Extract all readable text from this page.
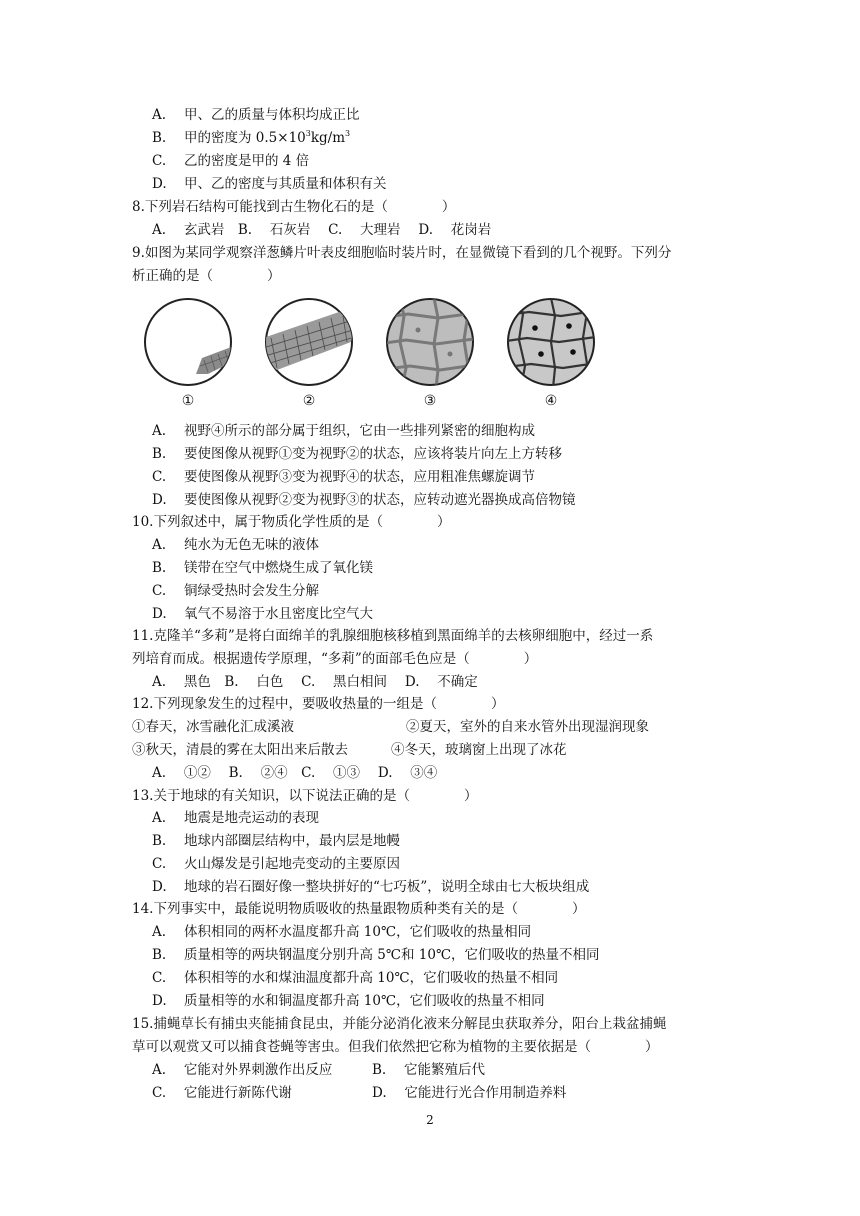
A. 甲、乙的质量与体积均成正比
B. 甲的密度为 $0.5\times 10^3kg/m^3$
C. 乙的密度是甲的 4 倍
D. 甲、乙的密度与其质量和体积有关
8.下列岩石结构可能找到古生物化石的是（　　　　）
A.　 玄武岩　B.　 石灰岩　 C.　 大理岩　 D.　 花岗岩
9.如图为某同学观察洋葱鳞片叶表皮细胞临时装片时，在显微镜下看到的几个视野。下列分
析正确的是（　　　　）
①	②	③	④
A. 视野④所示的部分属于组织，它由一些排列紧密的细胞构成
B. 要使图像从视野①变为视野②的状态，应该将装片向左上方转移
C. 要使图像从视野③变为视野④的状态，应用粗准焦螺旋调节
D. 要使图像从视野②变为视野③的状态，应转动遮光器换成高倍物镜
10.下列叙述中，属于物质化学性质的是（　　　　）
A. 纯水为无色无味的液体
B. 镁带在空气中燃烧生成了氧化镁
C. 铜绿受热时会发生分解
D. 氧气不易溶于水且密度比空气大
11.克隆羊“多莉”是将白面绵羊的乳腺细胞核移植到黑面绵羊的去核卵细胞中，经过一系
列培育而成。根据遗传学原理，“多莉”的面部毛色应是（　　　　）
A.　 黑色　B.　 白色　 C.　 黑白相间　 D.　 不确定
12.下列现象发生的过程中，要吸收热量的一组是（　　　　）
①春天，冰雪融化汇成溪液	②夏天，室外的自来水管外出现湿润现象
③秋天，清晨的雾在太阳出来后散去	④冬天，玻璃窗上出现了冰花
A.　 ①②　 B.　 ②④　C.　 ①③　 D.　 ③④
13.关于地球的有关知识，以下说法正确的是（　　　　）
A. 地震是地壳运动的表现
B. 地球内部圈层结构中，最内层是地幔
C. 火山爆发是引起地壳变动的主要原因
D. 地球的岩石圈好像一整块拼好的“七巧板”，说明全球由七大板块组成
14.下列事实中，最能说明物质吸收的热量跟物质种类有关的是（　　　　）
A. 体积相同的两杯水温度都升高 10℃，它们吸收的热量相同
B. 质量相等的两块钢温度分别升高 5℃和 10℃，它们吸收的热量不相同
C. 体积相等的水和煤油温度都升高 10℃，它们吸收的热量不相同
D. 质量相等的水和铜温度都升高 10℃，它们吸收的热量不相同
15.捕蝇草长有捕虫夹能捕食昆虫，并能分泌消化液来分解昆虫获取养分，阳台上栽盆捕蝇
草可以观赏又可以捕食苍蝇等害虫。但我们依然把它称为植物的主要依据是（　　　　）
A.　 它能对外界刺激作出反应	B.　 它能繁殖后代
C.　 它能进行新陈代谢	D.　 它能进行光合作用制造养料
2
